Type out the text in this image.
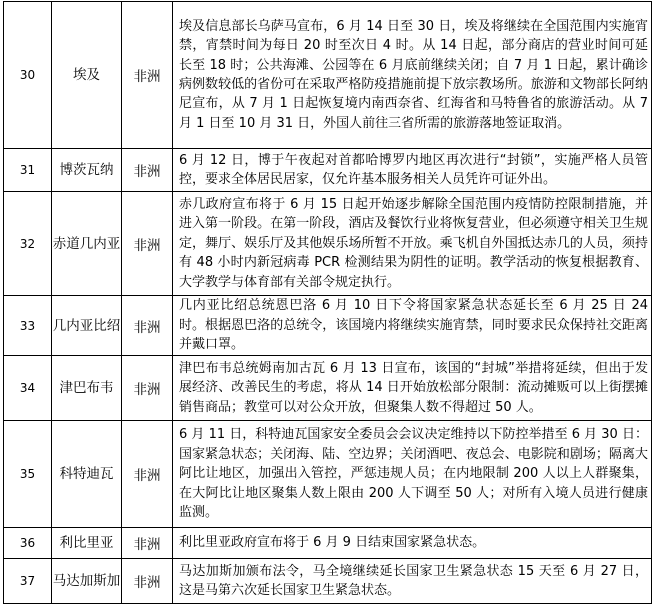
30	埃及	非洲	埃及信息部长乌萨马宣布，6 月 14 日至 30 日，埃及将继续在全国范围内实施宵禁，宵禁时间为每日 20 时至次日 4 时。从 14 日起，部分商店的营业时间可延长至 18 时；公共海滩、公园等在 6 月底前继续关闭；自 7 月 1 日起，累计确诊病例数较低的省份可在采取严格防疫措施前提下放宗教场所。旅游和文物部长阿纳尼宣布，从 7 月 1 日起恢复境内南西奈省、红海省和马特鲁省的旅游活动。从 7 月 1 日至 10 月 31 日，外国人前往三省所需的旅游落地签证取消。
31	博茨瓦纳	非洲	6 月 12 日，博于午夜起对首都哈博罗内地区再次进行“封锁”，实施严格人员管控，要求全体居民居家，仅允许基本服务相关人员凭许可证外出。
32	赤道几内亚	非洲	赤几政府宣布将于 6 月 15 日起开始逐步解除全国范围内疫情防控限制措施，并进入第一阶段。在第一阶段，酒店及餐饮行业将恢复营业，但必须遵守相关卫生规定，舞厅、娱乐厅及其他娱乐场所暂不开放。乘飞机自外国抵达赤几的人员，须持有 48 小时内新冠病毒 PCR 检测结果为阴性的证明。教学活动的恢复根据教育、大学教学与体育部有关部令规定执行。
33	几内亚比绍	非洲	几内亚比绍总统恩巴洛 6 月 10 日下令将国家紧急状态延长至 6 月 25 日 24 时。根据恩巴洛的总统令，该国境内将继续实施宵禁，同时要求民众保持社交距离并戴口罩。
34	津巴布韦	非洲	津巴布韦总统姆南加古瓦 6 月 13 日宣布，该国的“封城”举措将延续，但出于发展经济、改善民生的考虑，将从 14 日开始放松部分限制：流动摊贩可以上街摆摊销售商品；教堂可以对公众开放，但聚集人数不得超过 50 人。
35	科特迪瓦	非洲	6 月 11 日，科特迪瓦国家安全委员会会议决定维持以下防控举措至 6 月 30 日：国家紧急状态；关闭海、陆、空边界；关闭酒吧、夜总会、电影院和剧场；隔离大阿比让地区，加强出入管控，严惩违规人员；在内地限制 200 人以上人群聚集，在大阿比让地区聚集人数上限由 200 人下调至 50 人；对所有入境人员进行健康监测。
36	利比里亚	非洲	利比里亚政府宣布将于 6 月 9 日结束国家紧急状态。
37	马达加斯加	非洲	马达加斯加颁布法令，马全境继续延长国家卫生紧急状态 15 天至 6 月 27 日，这是马第六次延长国家卫生紧急状态。
